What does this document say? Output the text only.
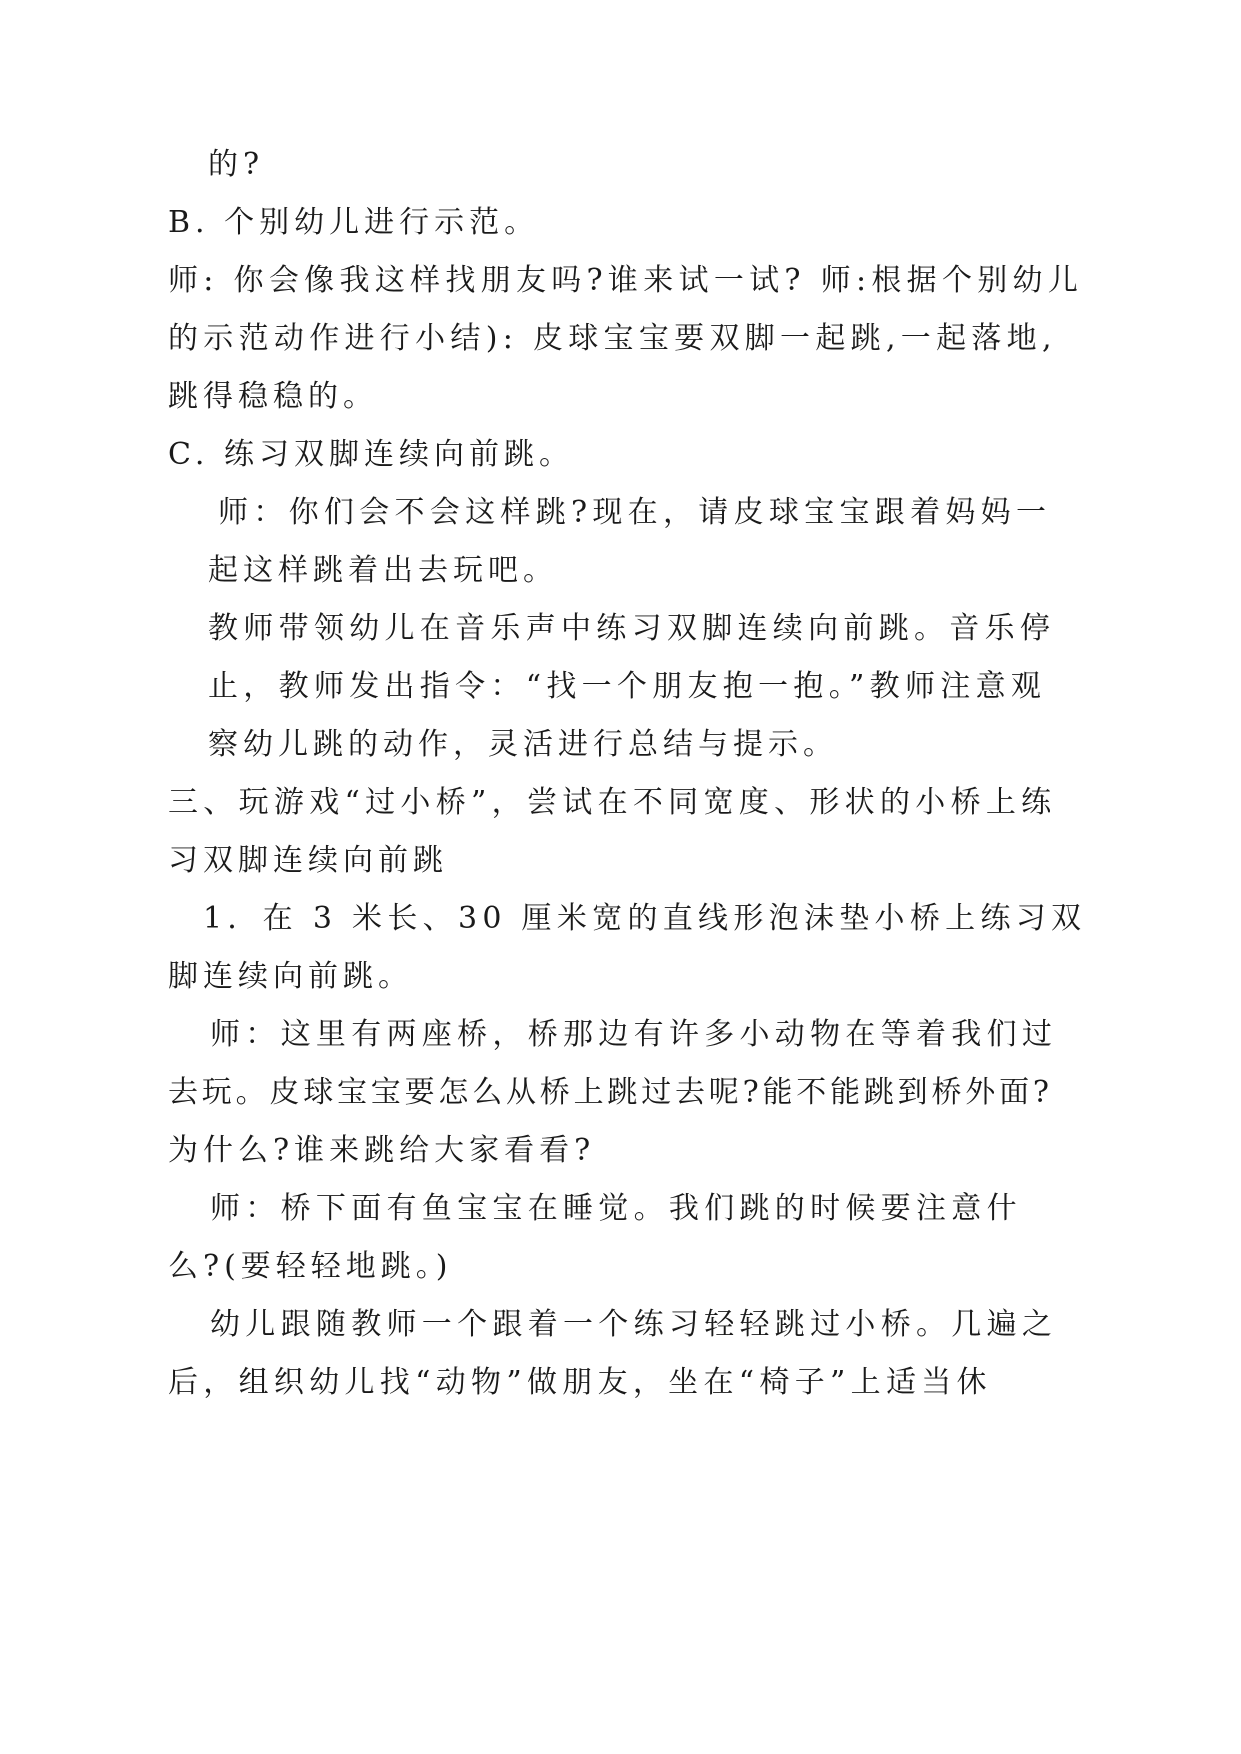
的?

B. 个别幼儿进行示范。

师: 你会像我这样找朋友吗?谁来试一试? 师:根据个别幼儿

的示范动作进行小结): 皮球宝宝要双脚一起跳,一起落地,

跳得稳稳的。

C. 练习双脚连续向前跳。

师：你们会不会这样跳?现在，请皮球宝宝跟着妈妈一

起这样跳着出去玩吧。

教师带领幼儿在音乐声中练习双脚连续向前跳。音乐停

止，教师发出指令：“找一个朋友抱一抱。”教师注意观

察幼儿跳的动作，灵活进行总结与提示。

三、玩游戏“过小桥”，尝试在不同宽度、形状的小桥上练

习双脚连续向前跳

1．在 3 米长、30 厘米宽的直线形泡沫垫小桥上练习双

脚连续向前跳。

师：这里有两座桥，桥那边有许多小动物在等着我们过

去玩。皮球宝宝要怎么从桥上跳过去呢?能不能跳到桥外面?

为什么?谁来跳给大家看看?

师：桥下面有鱼宝宝在睡觉。我们跳的时候要注意什

么?(要轻轻地跳。)

幼儿跟随教师一个跟着一个练习轻轻跳过小桥。几遍之

后，组织幼儿找“动物”做朋友，坐在“椅子”上适当休
